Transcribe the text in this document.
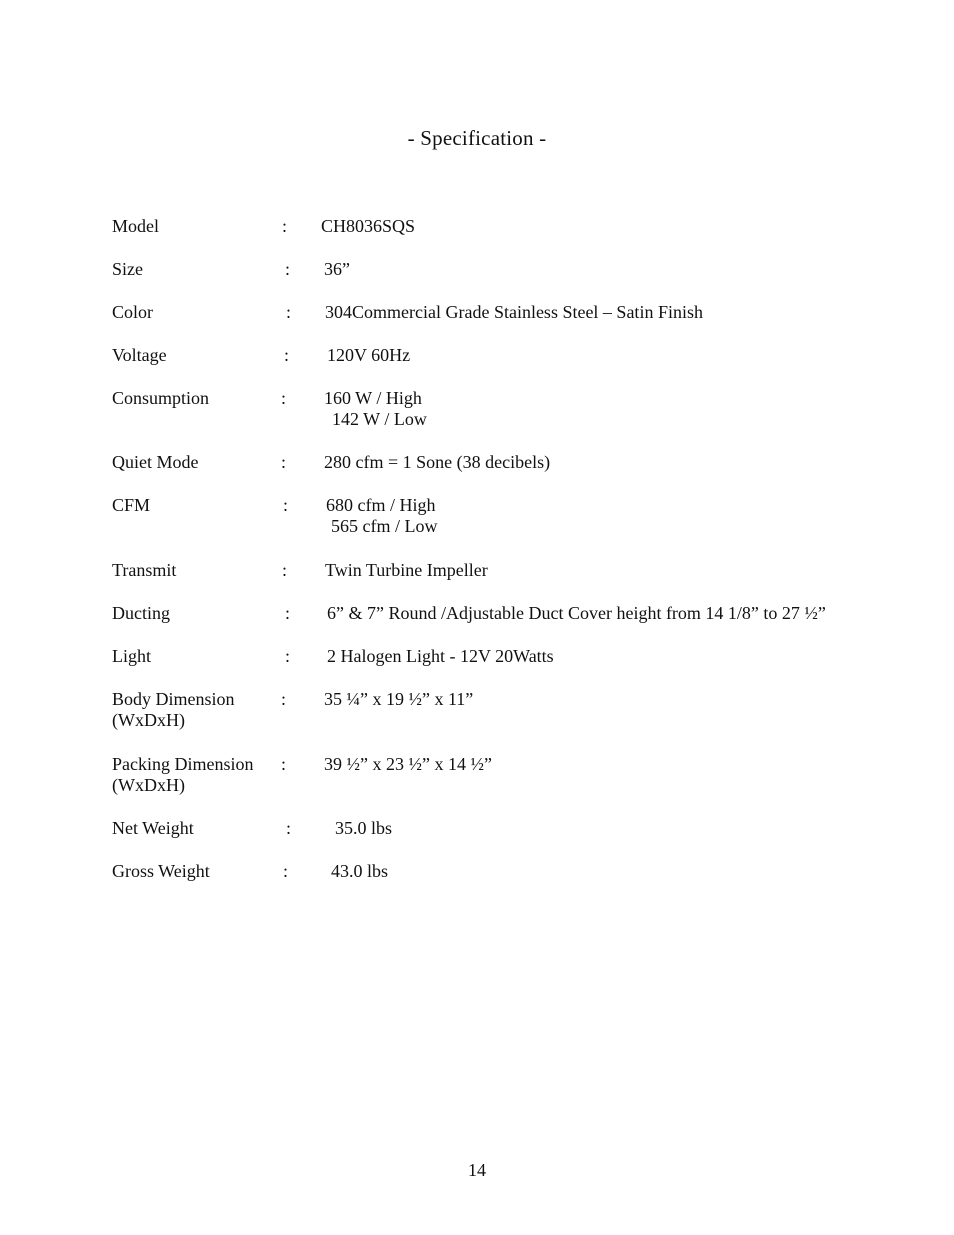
- Specification -
Model	: CH8036SQS
Size	: 36”
Color	: 304Commercial Grade Stainless Steel – Satin Finish
Voltage	: 120V 60Hz
Consumption	: 160 W / High
142 W / Low
Quiet Mode	: 280 cfm = 1 Sone (38 decibels)
CFM	: 680 cfm / High
565 cfm / Low
Transmit	: Twin Turbine Impeller
Ducting	: 6” & 7” Round /Adjustable Duct Cover height from 14 1/8” to 27 ½”
Light	: 2 Halogen Light - 12V 20Watts
Body Dimension
(WxDxH)
: 35 ¼” x 19 ½” x 11”
Packing Dimension
(WxDxH)
: 39 ½” x 23 ½” x 14 ½”
Net Weight	: 35.0 lbs
Gross Weight	: 43.0 lbs
14
